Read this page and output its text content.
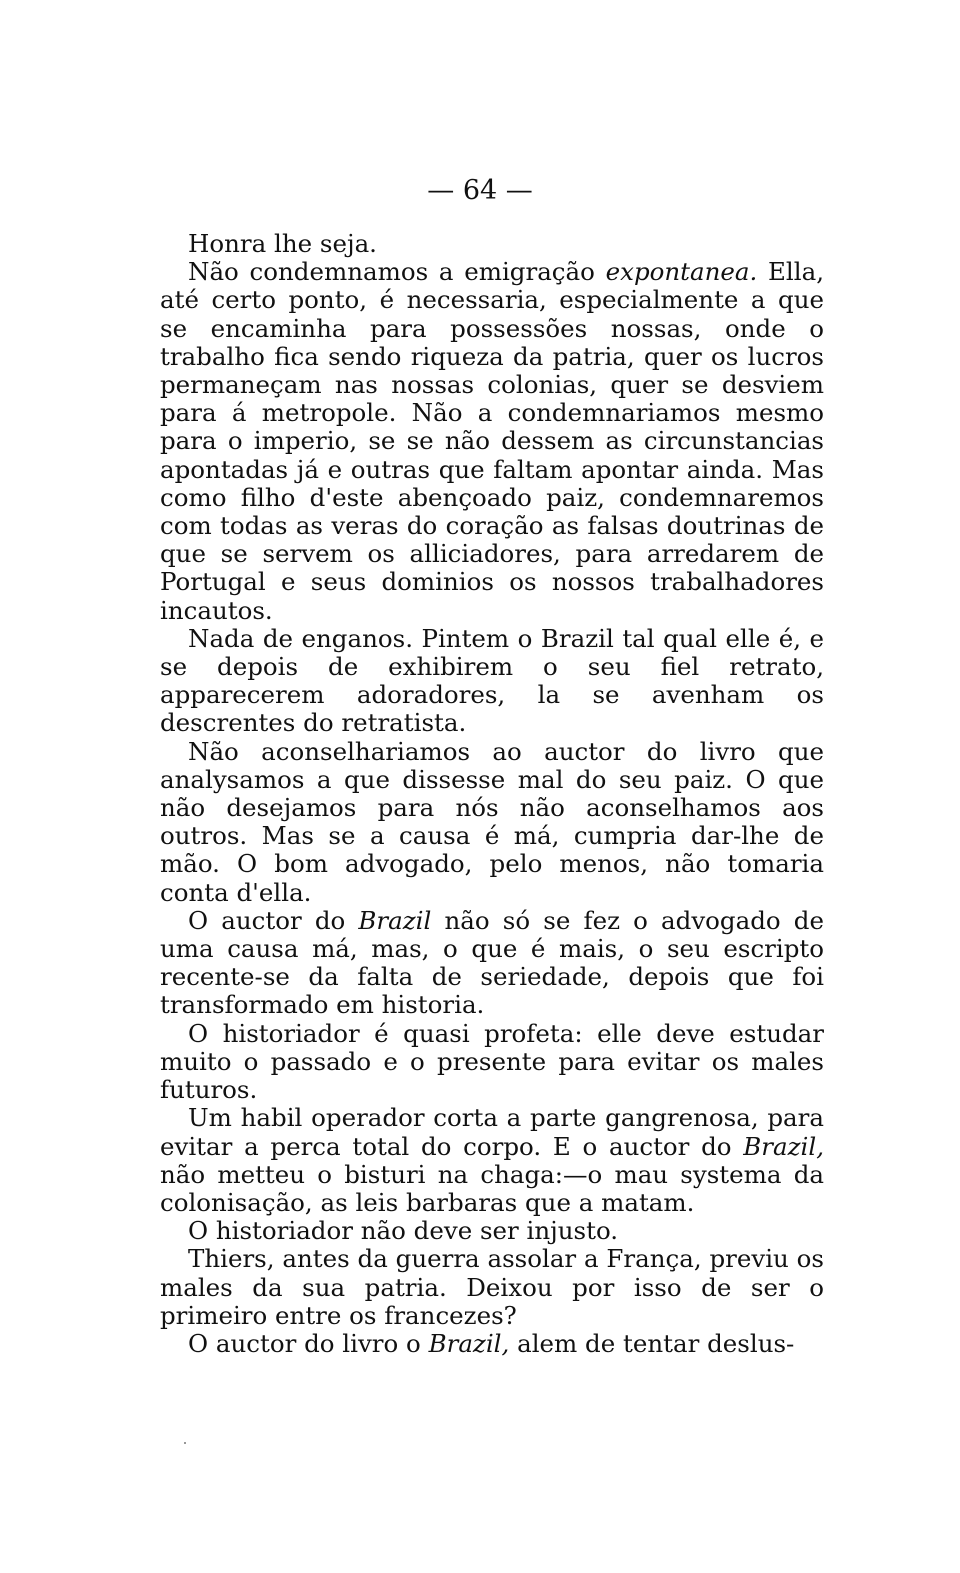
— 64 —

Honra lhe seja.

Não condemnamos a emigração expontanea. Ella, até certo ponto, é necessaria, especialmente a que se encaminha para possessões nossas, onde o trabalho fica sendo riqueza da patria, quer os lucros permaneçam nas nossas colonias, quer se desviem para á metropole. Não a condemnariamos mesmo para o imperio, se se não dessem as circunstancias apontadas já e outras que faltam apontar ainda. Mas como filho d'este abençoado paiz, condemnaremos com todas as veras do coração as falsas doutrinas de que se servem os alliciadores, para arredarem de Portugal e seus dominios os nossos trabalhadores incautos.

Nada de enganos. Pintem o Brazil tal qual elle é, e se depois de exhibirem o seu fiel retrato, apparecerem adoradores, la se avenham os descrentes do retratista.

Não aconselhariamos ao auctor do livro que analysamos a que dissesse mal do seu paiz. O que não desejamos para nós não aconselhamos aos outros. Mas se a causa é má, cumpria dar-lhe de mão. O bom advogado, pelo menos, não tomaria conta d'ella.

O auctor do Brazil não só se fez o advogado de uma causa má, mas, o que é mais, o seu escripto recente-se da falta de seriedade, depois que foi transformado em historia.

O historiador é quasi profeta: elle deve estudar muito o passado e o presente para evitar os males futuros.

Um habil operador corta a parte gangrenosa, para evitar a perca total do corpo. E o auctor do Brazil, não metteu o bisturi na chaga:—o mau systema da colonisação, as leis barbaras que a matam.

O historiador não deve ser injusto.

Thiers, antes da guerra assolar a França, previu os males da sua patria. Deixou por isso de ser o primeiro entre os francezes?

O auctor do livro o Brazil, alem de tentar deslus-
